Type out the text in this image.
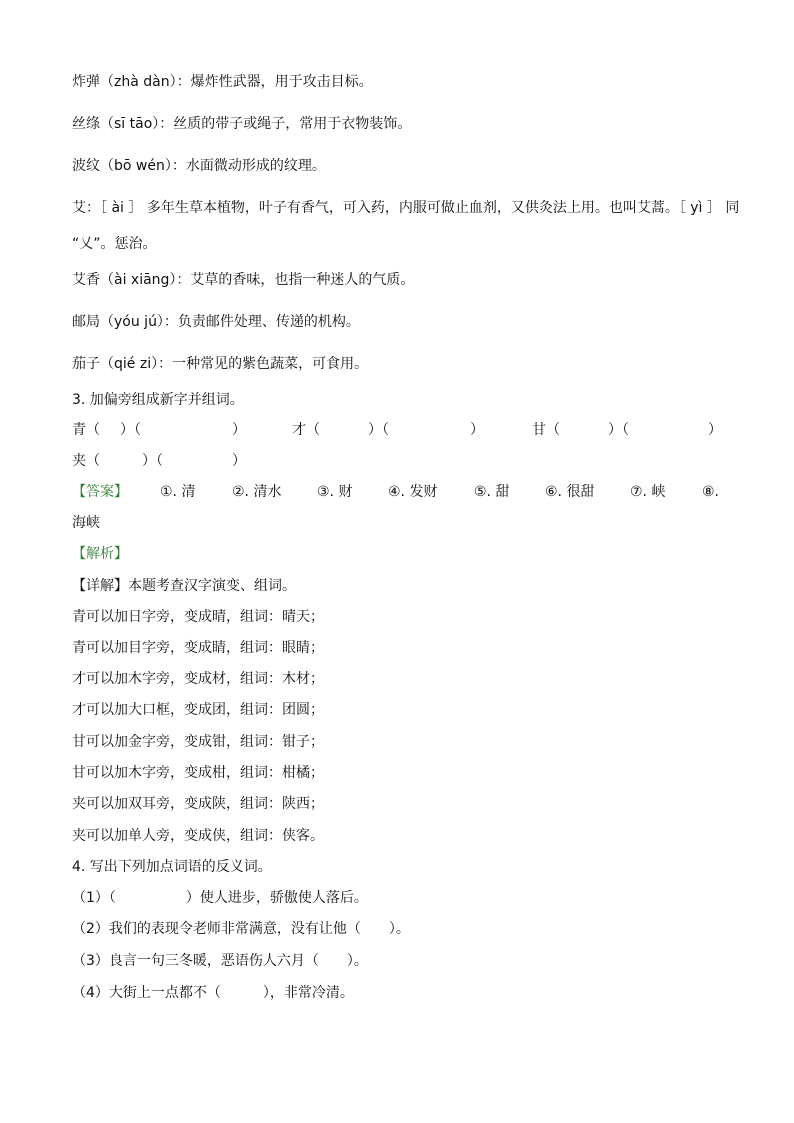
炸弹（zhà dàn）：爆炸性武器，用于攻击目标。
丝绦（sī tāo）：丝质的带子或绳子，常用于衣物装饰。
波纹（bō wén）：水面微动形成的纹理。
艾：［ ài ］ 多年生草本植物，叶子有香气，可入药，内服可做止血剂，又供灸法上用。也叫艾蒿。［ yì ］ 同
“乂”。惩治。
艾香（ài xiāng）：艾草的香味，也指一种迷人的气质。
邮局（yóu jú）：负责邮件处理、传递的机构。
茄子（qié zi）：一种常见的紫色蔬菜，可食用。
3. 加偏旁组成新字并组词。
青（ ）（	）	才（	）（	）	甘（	）（	）
夹（	）（	）
【答案】 ①. 清	②. 清水	③. 财	④. 发财	⑤. 甜	⑥. 很甜	⑦. 峡	⑧.
海峡
【解析】
【详解】本题考查汉字演变、组词。
青可以加日字旁，变成晴，组词：晴天；
青可以加目字旁，变成睛，组词：眼睛；
才可以加木字旁，变成材，组词：木材；
才可以加大口框，变成团，组词：团圆；
甘可以加金字旁，变成钳，组词：钳子；
甘可以加木字旁，变成柑，组词：柑橘；
夹可以加双耳旁，变成陕，组词：陕西；
夹可以加单人旁，变成侠，组词：侠客。
4. 写出下列加点词语的反义词。
（1）（　　　　　）使人进步，骄傲使人落后。
（2）我们的表现令老师非常满意，没有让他（　　）。
（3）良言一句三冬暖，恶语伤人六月（　　）。
（4）大街上一点都不（　　　），非常冷清。
